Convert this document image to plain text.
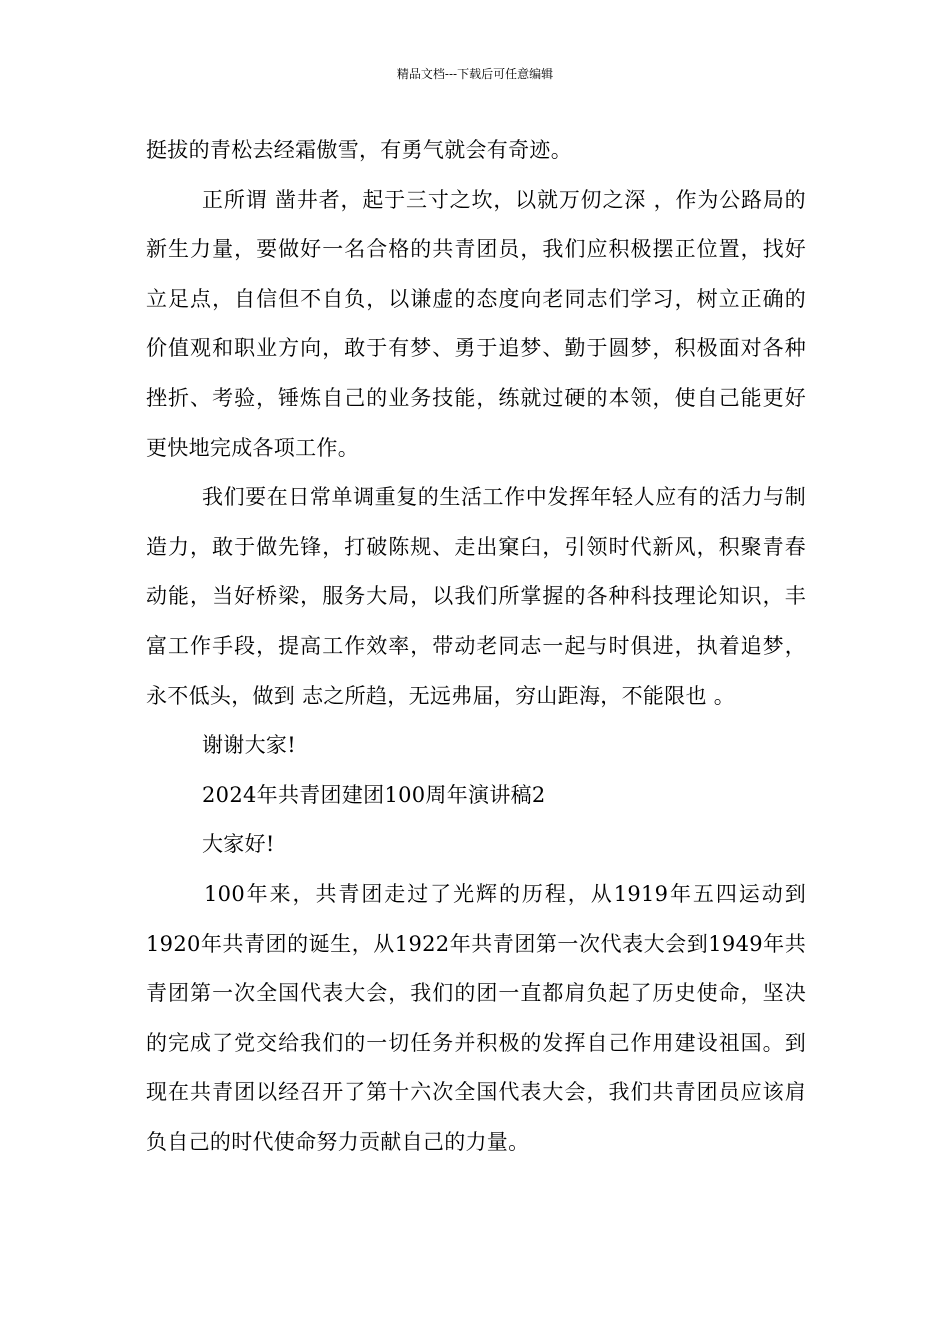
精品文档---下载后可任意编辑

挺拔的青松去经霜傲雪，有勇气就会有奇迹。

正所谓 凿井者，起于三寸之坎，以就万仞之深 ，作为公路局的新生力量，要做好一名合格的共青团员，我们应积极摆正位置，找好立足点，自信但不自负，以谦虚的态度向老同志们学习，树立正确的价值观和职业方向，敢于有梦、勇于追梦、勤于圆梦，积极面对各种挫折、考验，锤炼自己的业务技能，练就过硬的本领，使自己能更好更快地完成各项工作。

我们要在日常单调重复的生活工作中发挥年轻人应有的活力与制造力，敢于做先锋，打破陈规、走出窠臼，引领时代新风，积聚青春动能，当好桥梁，服务大局，以我们所掌握的各种科技理论知识，丰富工作手段，提高工作效率，带动老同志一起与时俱进，执着追梦，永不低头，做到 志之所趋，无远弗届，穷山距海，不能限也 。

谢谢大家!

2024年共青团建团100周年演讲稿2

大家好!

100年来，共青团走过了光辉的历程，从1919年五四运动到1920年共青团的诞生，从1922年共青团第一次代表大会到1949年共青团第一次全国代表大会，我们的团一直都肩负起了历史使命，坚决的完成了党交给我们的一切任务并积极的发挥自己作用建设祖国。到现在共青团以经召开了第十六次全国代表大会，我们共青团员应该肩负自己的时代使命努力贡献自己的力量。
